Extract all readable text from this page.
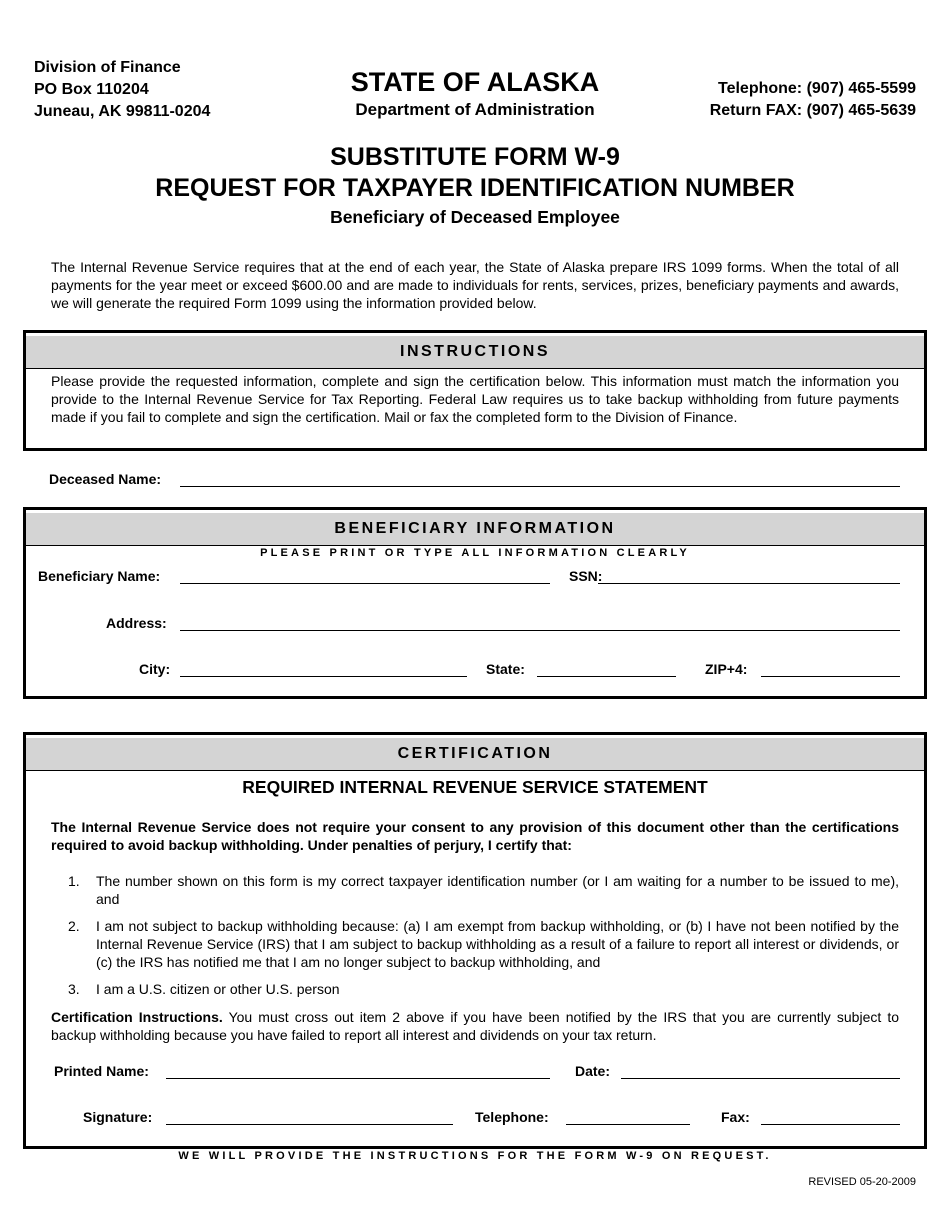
Division of Finance
PO Box 110204
Juneau, AK 99811-0204
STATE OF ALASKA
Department of Administration
Telephone: (907) 465-5599
Return FAX: (907) 465-5639
SUBSTITUTE FORM W-9
REQUEST FOR TAXPAYER IDENTIFICATION NUMBER
Beneficiary of Deceased Employee
The Internal Revenue Service requires that at the end of each year, the State of Alaska prepare IRS 1099 forms. When the total of all payments for the year meet or exceed $600.00 and are made to individuals for rents, services, prizes, beneficiary payments and awards, we will generate the required Form 1099 using the information provided below.
INSTRUCTIONS
Please provide the requested information, complete and sign the certification below. This information must match the information you provide to the Internal Revenue Service for Tax Reporting. Federal Law requires us to take backup withholding from future payments made if you fail to complete and sign the certification. Mail or fax the completed form to the Division of Finance.
Deceased Name:
BENEFICIARY INFORMATION
PLEASE PRINT OR TYPE ALL INFORMATION CLEARLY
Beneficiary Name:	SSN:
Address:
City:	State:	ZIP+4:
CERTIFICATION
REQUIRED INTERNAL REVENUE SERVICE STATEMENT
The Internal Revenue Service does not require your consent to any provision of this document other than the certifications required to avoid backup withholding. Under penalties of perjury, I certify that:
1. The number shown on this form is my correct taxpayer identification number (or I am waiting for a number to be issued to me), and
2. I am not subject to backup withholding because: (a) I am exempt from backup withholding, or (b) I have not been notified by the Internal Revenue Service (IRS) that I am subject to backup withholding as a result of a failure to report all interest or dividends, or (c) the IRS has notified me that I am no longer subject to backup withholding, and
3. I am a U.S. citizen or other U.S. person
Certification Instructions. You must cross out item 2 above if you have been notified by the IRS that you are currently subject to backup withholding because you have failed to report all interest and dividends on your tax return.
Printed Name:	Date:
Signature:	Telephone:	Fax:
WE WILL PROVIDE THE INSTRUCTIONS FOR THE FORM W-9 ON REQUEST.
REVISED 05-20-2009
